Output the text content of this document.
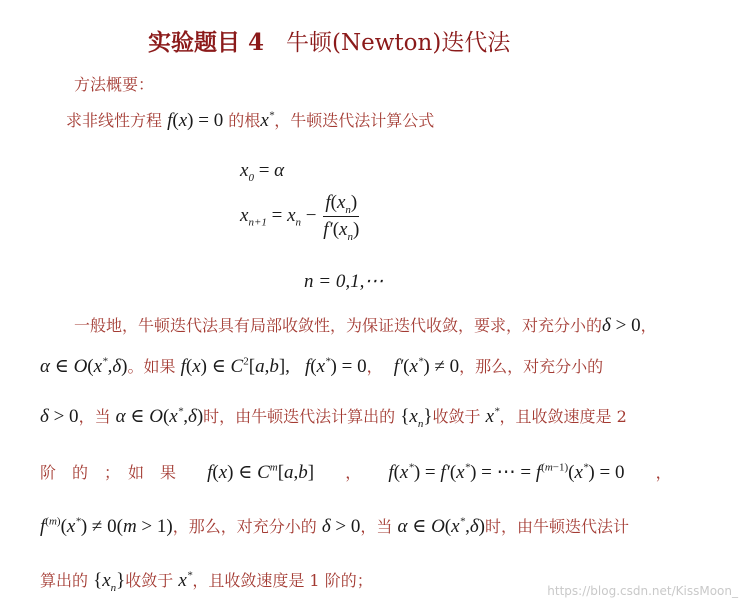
实验题目 4 牛顿(Newton)迭代法
方法概要：
求非线性方程 f(x) = 0 的根x*，牛顿迭代法计算公式
$x_0 = \alpha$
$x_{n+1} = x_n - \frac{f(x_n)}{f'(x_n)}$
n = 0,1,⋯
一般地，牛顿迭代法具有局部收敛性，为保证迭代收敛，要求，对充分小的δ > 0，
α ∈ O(x*,δ)。如果 f(x) ∈ $C^2[a,b]$, f(x*) = 0， f′(x*) ≠ 0，那么，对充分小的
δ > 0，当 α ∈ O(x*,δ)时，由牛顿迭代法计算出的 $\{x_n\}$收敛于 x*，且收敛速度是 2
阶　的　；　如　果 f(x) ∈ $C^m[a,b]$ ， f(x*) = f′(x*) = ⋯ = $f^{(m-1)}(x^*) = 0$ ，
$f^{(m)}(x^*) \ne 0(m > 1)$，那么，对充分小的 δ > 0，当 α ∈ O(x*,δ)时，由牛顿迭代法计
算出的 $\{x_n\}$收敛于 x*，且收敛速度是 1 阶的；
https://blog.csdn.net/KissMoon_
